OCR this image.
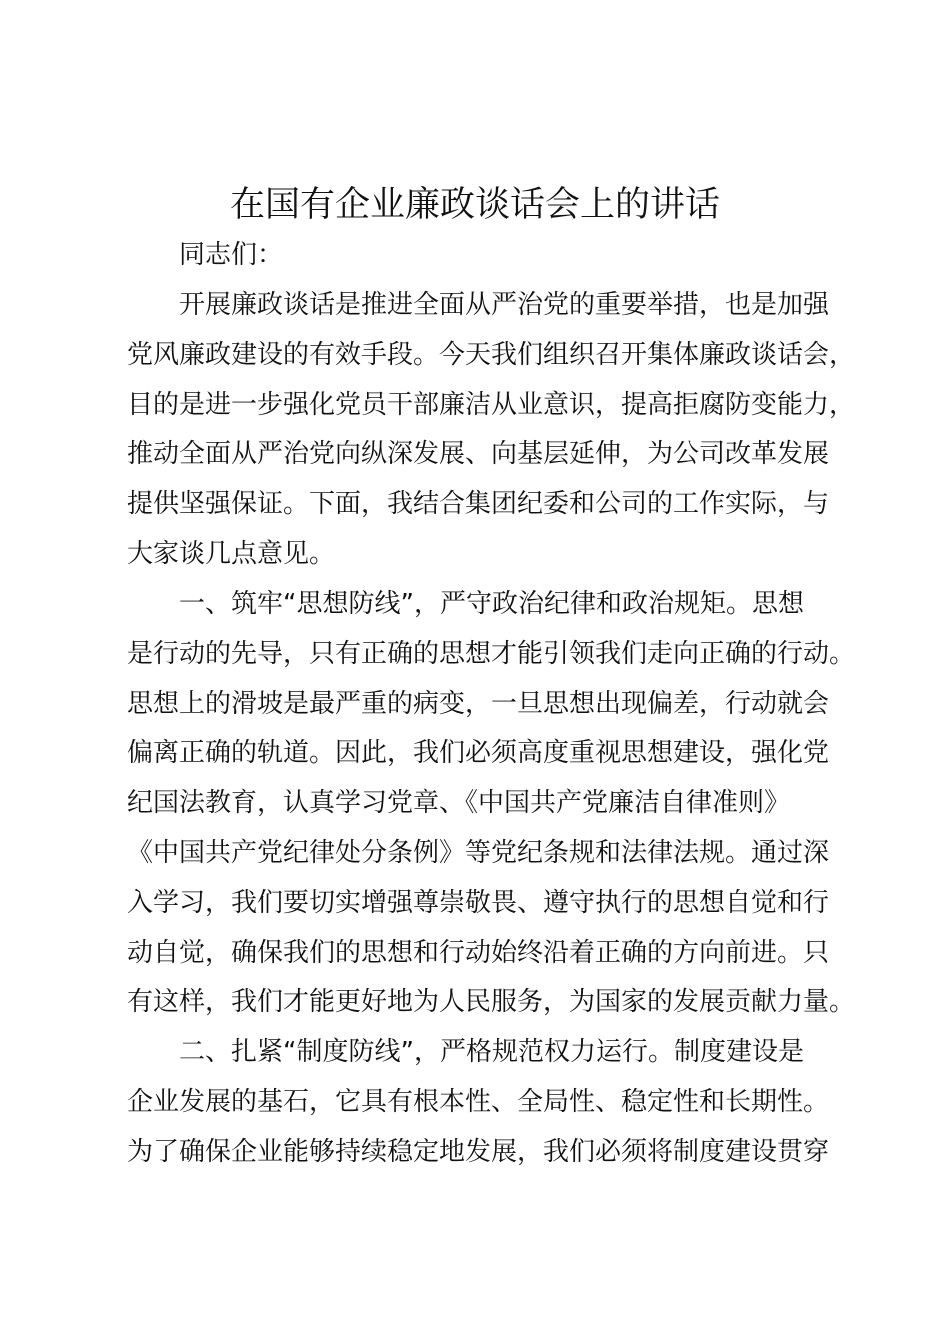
在国有企业廉政谈话会上的讲话
同志们：
开展廉政谈话是推进全面从严治党的重要举措，也是加强
党风廉政建设的有效手段。今天我们组织召开集体廉政谈话会，
目的是进一步强化党员干部廉洁从业意识，提高拒腐防变能力，
推动全面从严治党向纵深发展、向基层延伸，为公司改革发展
提供坚强保证。下面，我结合集团纪委和公司的工作实际，与
大家谈几点意见。
一、筑牢“思想防线”，严守政治纪律和政治规矩。思想
是行动的先导，只有正确的思想才能引领我们走向正确的行动。
思想上的滑坡是最严重的病变，一旦思想出现偏差，行动就会
偏离正确的轨道。因此，我们必须高度重视思想建设，强化党
纪国法教育，认真学习党章、《中国共产党廉洁自律准则》
《中国共产党纪律处分条例》等党纪条规和法律法规。通过深
入学习，我们要切实增强尊崇敬畏、遵守执行的思想自觉和行
动自觉，确保我们的思想和行动始终沿着正确的方向前进。只
有这样，我们才能更好地为人民服务，为国家的发展贡献力量。
二、扎紧“制度防线”，严格规范权力运行。制度建设是
企业发展的基石，它具有根本性、全局性、稳定性和长期性。
为了确保企业能够持续稳定地发展，我们必须将制度建设贯穿
